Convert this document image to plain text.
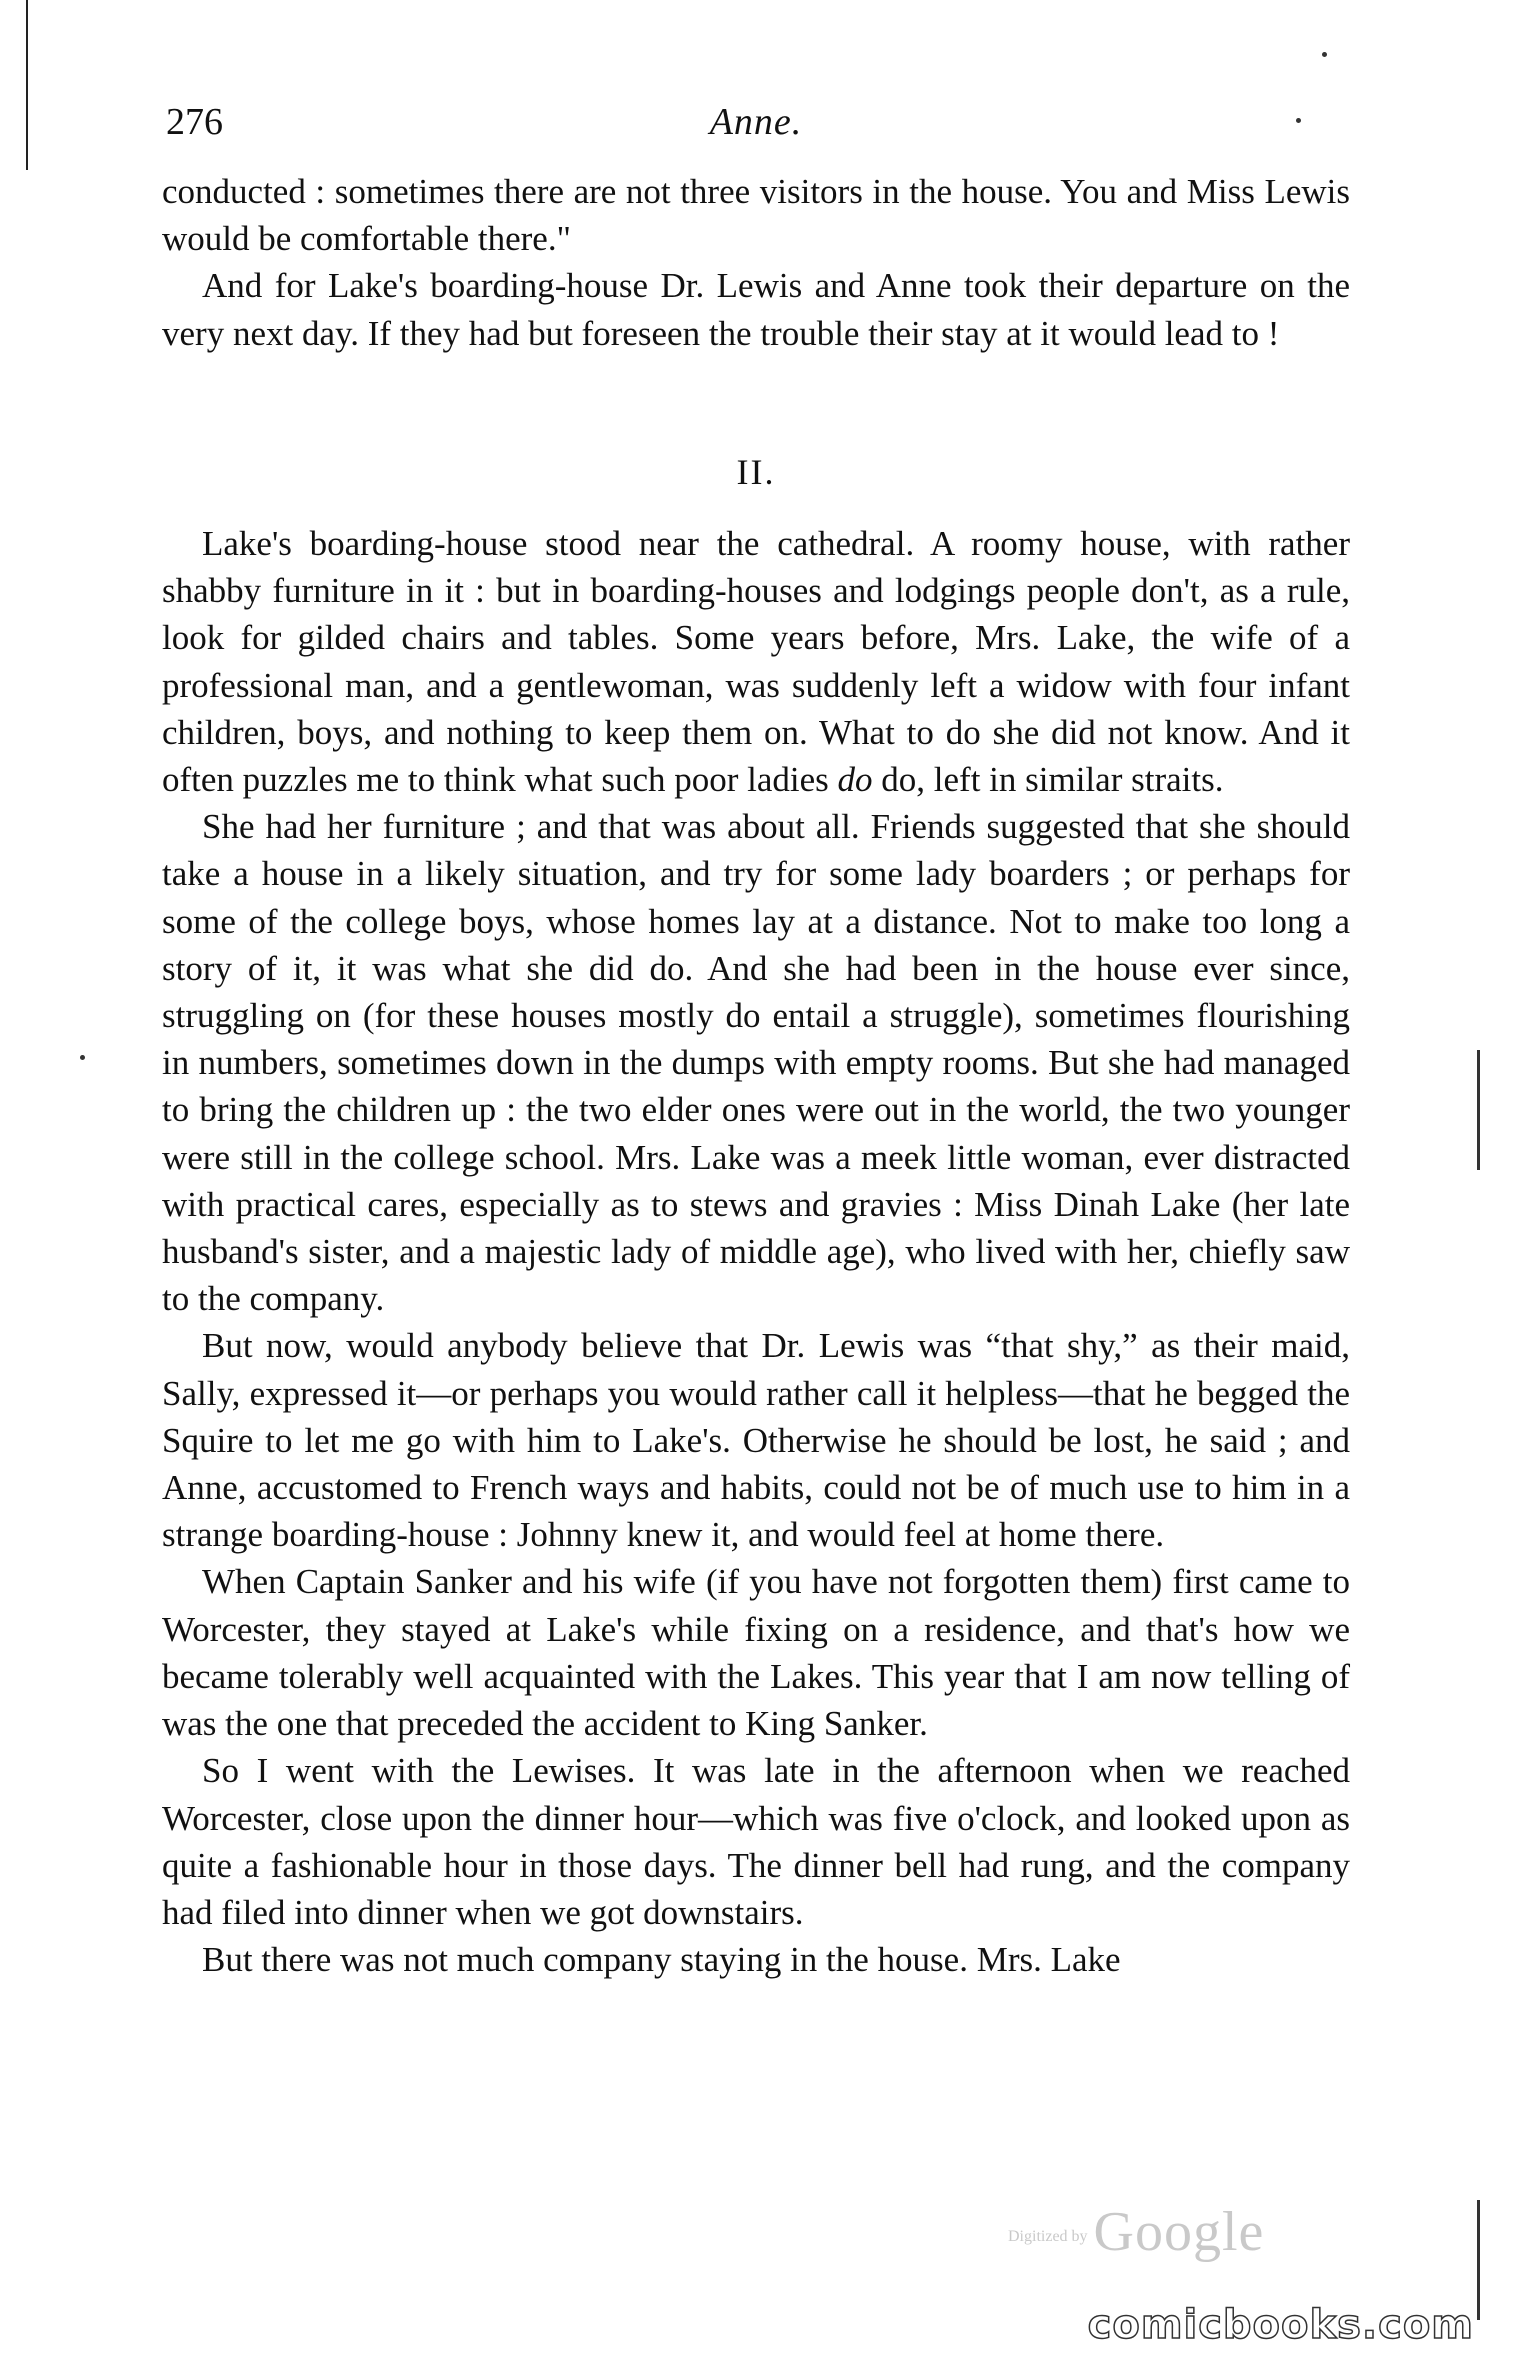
276	Anne.

conducted : sometimes there are not three visitors in the house. You and Miss Lewis would be comfortable there."

And for Lake's boarding-house Dr. Lewis and Anne took their departure on the very next day. If they had but foreseen the trouble their stay at it would lead to !

II.

Lake's boarding-house stood near the cathedral. A roomy house, with rather shabby furniture in it : but in boarding-houses and lodgings people don't, as a rule, look for gilded chairs and tables. Some years before, Mrs. Lake, the wife of a professional man, and a gentlewoman, was suddenly left a widow with four infant children, boys, and nothing to keep them on. What to do she did not know. And it often puzzles me to think what such poor ladies do do, left in similar straits.

She had her furniture ; and that was about all. Friends suggested that she should take a house in a likely situation, and try for some lady boarders ; or perhaps for some of the college boys, whose homes lay at a distance. Not to make too long a story of it, it was what she did do. And she had been in the house ever since, struggling on (for these houses mostly do entail a struggle), sometimes flourishing in numbers, sometimes down in the dumps with empty rooms. But she had managed to bring the children up : the two elder ones were out in the world, the two younger were still in the college school. Mrs. Lake was a meek little woman, ever distracted with practical cares, especially as to stews and gravies : Miss Dinah Lake (her late husband's sister, and a majestic lady of middle age), who lived with her, chiefly saw to the company.

But now, would anybody believe that Dr. Lewis was “that shy,” as their maid, Sally, expressed it—or perhaps you would rather call it helpless—that he begged the Squire to let me go with him to Lake's. Otherwise he should be lost, he said ; and Anne, accustomed to French ways and habits, could not be of much use to him in a strange boarding-house : Johnny knew it, and would feel at home there.

When Captain Sanker and his wife (if you have not forgotten them) first came to Worcester, they stayed at Lake's while fixing on a residence, and that's how we became tolerably well acquainted with the Lakes. This year that I am now telling of was the one that preceded the accident to King Sanker.

So I went with the Lewises. It was late in the afternoon when we reached Worcester, close upon the dinner hour—which was five o'clock, and looked upon as quite a fashionable hour in those days. The dinner bell had rung, and the company had filed into dinner when we got downstairs.

But there was not much company staying in the house. Mrs. Lake

Digitized by Google
comicbooks.com
